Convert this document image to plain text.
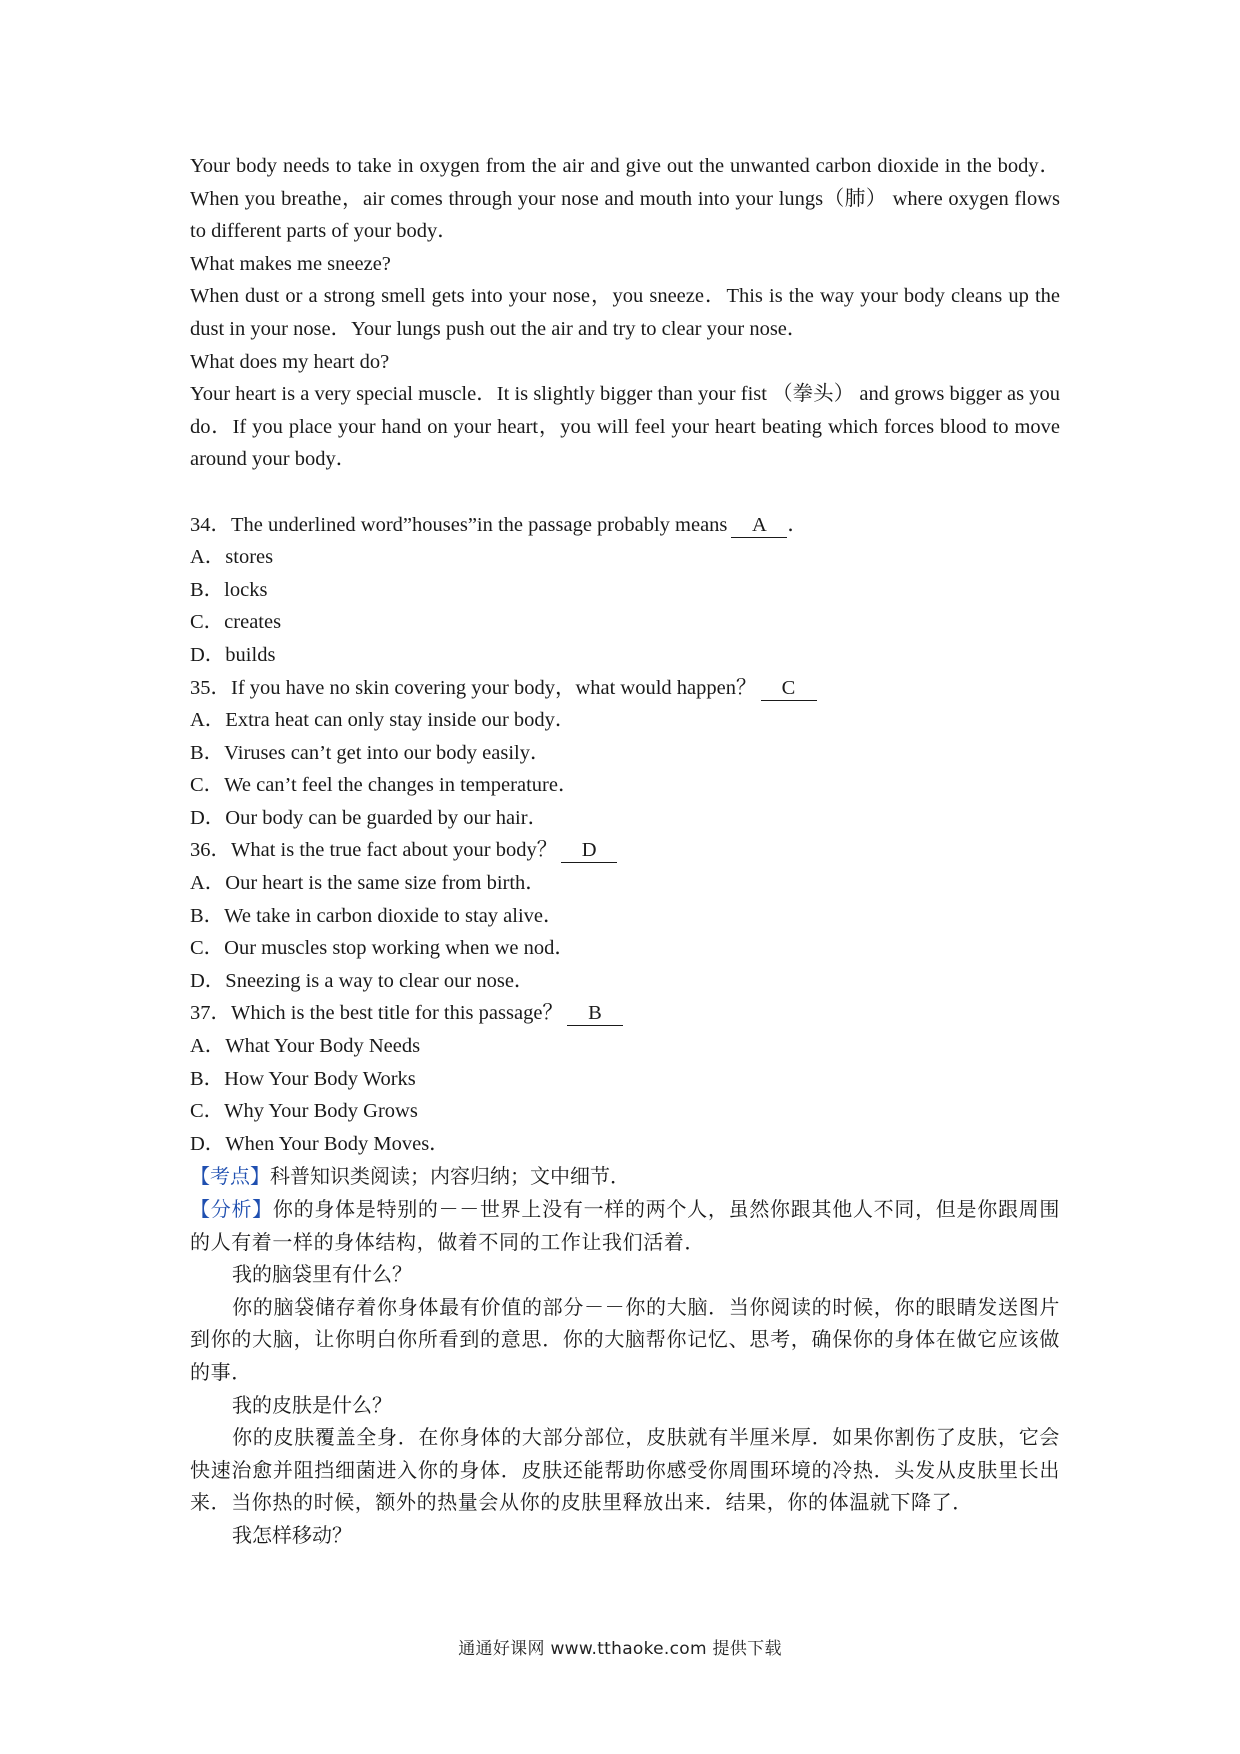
Your body needs to take in oxygen from the air and give out the unwanted carbon dioxide in the body．When you breathe，air comes through your nose and mouth into your lungs（肺） where oxygen flows to different parts of your body．
What makes me sneeze?
When dust or a strong smell gets into your nose，you sneeze．This is the way your body cleans up the dust in your nose．Your lungs push out the air and try to clear your nose．
What does my heart do?
Your heart is a very special muscle．It is slightly bigger than your fist （拳头） and grows bigger as you do．If you place your hand on your heart，you will feel your heart beating which forces blood to move around your body．
34．The underlined word”houses”in the passage probably means A ．
A．stores
B．locks
C．creates
D．builds
35．If you have no skin covering your body，what would happen？ C
A．Extra heat can only stay inside our body．
B．Viruses can’t get into our body easily．
C．We can’t feel the changes in temperature．
D．Our body can be guarded by our hair．
36．What is the true fact about your body？ D
A．Our heart is the same size from birth．
B．We take in carbon dioxide to stay alive．
C．Our muscles stop working when we nod．
D．Sneezing is a way to clear our nose．
37．Which is the best title for this passage？ B
A．What Your Body Needs
B．How Your Body Works
C．Why Your Body Grows
D．When Your Body Moves．
【考点】科普知识类阅读；内容归纳；文中细节．
【分析】你的身体是特别的－－世界上没有一样的两个人，虽然你跟其他人不同，但是你跟周围的人有着一样的身体结构，做着不同的工作让我们活着．
我的脑袋里有什么？
你的脑袋储存着你身体最有价值的部分－－你的大脑．当你阅读的时候，你的眼睛发送图片到你的大脑，让你明白你所看到的意思．你的大脑帮你记忆、思考，确保你的身体在做它应该做的事．
我的皮肤是什么？
你的皮肤覆盖全身．在你身体的大部分部位，皮肤就有半厘米厚．如果你割伤了皮肤，它会快速治愈并阻挡细菌进入你的身体．皮肤还能帮助你感受你周围环境的冷热．头发从皮肤里长出来．当你热的时候，额外的热量会从你的皮肤里释放出来．结果，你的体温就下降了．
我怎样移动？
通通好课网 www.tthaoke.com 提供下载
